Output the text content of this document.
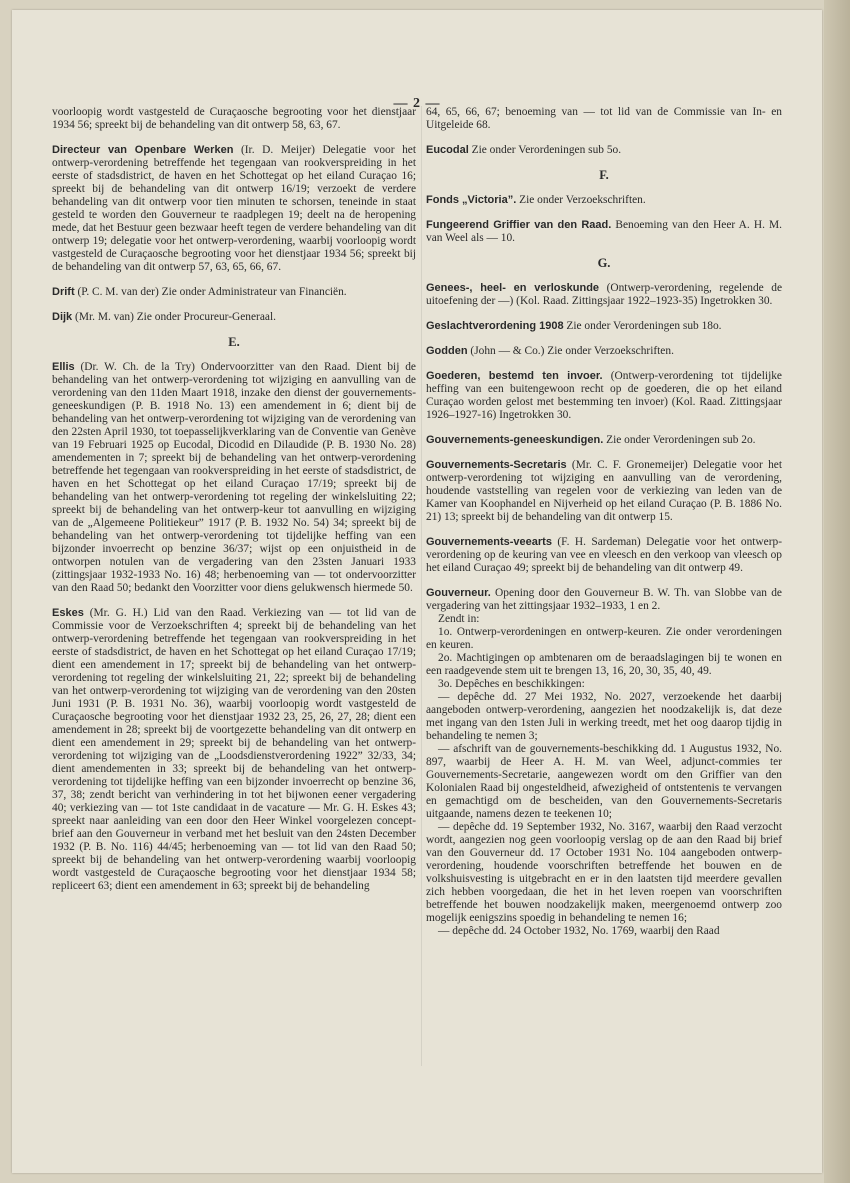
— 2 —

voorloopig wordt vastgesteld de Curaçaosche begrooting voor het dienstjaar 1934 56; spreekt bij de behandeling van dit ontwerp 58, 63, 67.

Directeur van Openbare Werken (Ir. D. Meijer) Delegatie voor het ontwerp-verordening betreffende het tegengaan van rookverspreiding in het eerste of stadsdistrict, de haven en het Schottegat op het eiland Curaçao 16; spreekt bij de behandeling van dit ontwerp 16/19; verzoekt de verdere behandeling van dit ontwerp voor tien minuten te schorsen, teneinde in staat gesteld te worden den Gouverneur te raadplegen 19; deelt na de heropening mede, dat het Bestuur geen bezwaar heeft tegen de verdere behandeling van dit ontwerp 19; delegatie voor het ontwerp-verordening, waarbij voorloopig wordt vastgesteld de Curaçaosche begrooting voor het dienstjaar 1934 56; spreekt bij de behandeling van dit ontwerp 57, 63, 65, 66, 67.

Drift (P. C. M. van der) Zie onder Administrateur van Financiën.

Dijk (Mr. M. van) Zie onder Procureur-Generaal.

E.

Ellis (Dr. W. Ch. de la Try) Ondervoorzitter van den Raad. Dient bij de behandeling van het ontwerp-verordening tot wijziging en aanvulling van de verordening van den 11den Maart 1918, inzake den dienst der gouvernements-geneeskundigen (P. B. 1918 No. 13) een amendement in 6; dient bij de behandeling van het ontwerp-verordening tot wijziging van de verordening van den 22sten April 1930, tot toepasselijkverklaring van de Conventie van Genève van 19 Februari 1925 op Eucodal, Dicodid en Dilaudide (P. B. 1930 No. 28) amendementen in 7; spreekt bij de behandeling van het ontwerp-verordening betreffende het tegengaan van rookverspreiding in het eerste of stadsdistrict, de haven en het Schottegat op het eiland Curaçao 17/19; spreekt bij de behandeling van het ontwerp-verordening tot regeling der winkelsluiting 22; spreekt bij de behandeling van het ontwerp-keur tot aanvulling en wijziging van de „Algemeene Politiekeur” 1917 (P. B. 1932 No. 54) 34; spreekt bij de behandeling van het ontwerp-verordening tot tijdelijke heffing van een bijzonder invoerrecht op benzine 36/37; wijst op een onjuistheid in de ontworpen notulen van de vergadering van den 23sten Januari 1933 (zittingsjaar 1932-1933 No. 16) 48; herbenoeming van — tot ondervoorzitter van den Raad 50; bedankt den Voorzitter voor diens gelukwensch hiermede 50.

Eskes (Mr. G. H.) Lid van den Raad. Verkiezing van — tot lid van de Commissie voor de Verzoekschriften 4; spreekt bij de behandeling van het ontwerp-verordening betreffende het tegengaan van rookverspreiding in het eerste of stadsdistrict, de haven en het Schottegat op het eiland Curaçao 17/19; dient een amendement in 17; spreekt bij de behandeling van het ontwerp-verordening tot regeling der winkelsluiting 21, 22; spreekt bij de behandeling van het ontwerp-verordening tot wijziging van de verordening van den 20sten Juni 1931 (P. B. 1931 No. 36), waarbij voorloopig wordt vastgesteld de Curaçaosche begrooting voor het dienstjaar 1932 23, 25, 26, 27, 28; dient een amendement in 28; spreekt bij de voortgezette behandeling van dit ontwerp en dient een amendement in 29; spreekt bij de behandeling van het ontwerp-verordening tot wijziging van de „Loodsdienstverordening 1922” 32/33, 34; dient amendementen in 33; spreekt bij de behandeling van het ontwerp-verordening tot tijdelijke heffing van een bijzonder invoerrecht op benzine 36, 37, 38; zendt bericht van verhindering in tot het bijwonen eener vergadering 40; verkiezing van — tot 1ste candidaat in de vacature — Mr. G. H. Eskes 43; spreekt naar aanleiding van een door den Heer Winkel voorgelezen concept-brief aan den Gouverneur in verband met het besluit van den 24sten December 1932 (P. B. No. 116) 44/45; herbenoeming van — tot lid van den Raad 50; spreekt bij de behandeling van het ontwerp-verordening waarbij voorloopig wordt vastgesteld de Curaçaosche begrooting voor het dienstjaar 1934 58; repliceert 63; dient een amendement in 63; spreekt bij de behandeling

64, 65, 66, 67; benoeming van — tot lid van de Commissie van In- en Uitgeleide 68.

Eucodal Zie onder Verordeningen sub 5o.

F.

Fonds „Victoria”. Zie onder Verzoekschriften.

Fungeerend Griffier van den Raad. Benoeming van den Heer A. H. M. van Weel als — 10.

G.

Genees-, heel- en verloskunde (Ontwerp-verordening, regelende de uitoefening der —) (Kol. Raad. Zittingsjaar 1922–1923-35) Ingetrokken 30.

Geslachtverordening 1908 Zie onder Verordeningen sub 18o.

Godden (John — & Co.) Zie onder Verzoekschriften.

Goederen, bestemd ten invoer. (Ontwerp-verordening tot tijdelijke heffing van een buitengewoon recht op de goederen, die op het eiland Curaçao worden gelost met bestemming ten invoer) (Kol. Raad. Zittingsjaar 1926–1927-16) Ingetrokken 30.

Gouvernements-geneeskundigen. Zie onder Verordeningen sub 2o.

Gouvernements-Secretaris (Mr. C. F. Gronemeijer) Delegatie voor het ontwerp-verordening tot wijziging en aanvulling van de verordening, houdende vaststelling van regelen voor de verkiezing van leden van de Kamer van Koophandel en Nijverheid op het eiland Curaçao (P. B. 1886 No. 21) 13; spreekt bij de behandeling van dit ontwerp 15.

Gouvernements-veearts (F. H. Sardeman) Delegatie voor het ontwerp-verordening op de keuring van vee en vleesch en den verkoop van vleesch op het eiland Curaçao 49; spreekt bij de behandeling van dit ontwerp 49.

Gouverneur. Opening door den Gouverneur B. W. Th. van Slobbe van de vergadering van het zittingsjaar 1932–1933, 1 en 2.

Zendt in:

1o. Ontwerp-verordeningen en ontwerp-keuren. Zie onder verordeningen en keuren.

2o. Machtigingen op ambtenaren om de beraadslagingen bij te wonen en een raadgevende stem uit te brengen 13, 16, 20, 30, 35, 40, 49.

3o. Depêches en beschikkingen:

— depêche dd. 27 Mei 1932, No. 2027, verzoekende het daarbij aangeboden ontwerp-verordening, aangezien het noodzakelijk is, dat deze met ingang van den 1sten Juli in werking treedt, met het oog daarop tijdig in behandeling te nemen 3;

— afschrift van de gouvernements-beschikking dd. 1 Augustus 1932, No. 897, waarbij de Heer A. H. M. van Weel, adjunct-commies ter Gouvernements-Secretarie, aangewezen wordt om den Griffier van den Kolonialen Raad bij ongesteldheid, afwezigheid of ontstentenis te vervangen en gemachtigd om de bescheiden, van den Gouvernements-Secretaris uitgaande, namens dezen te teekenen 10;

— depêche dd. 19 September 1932, No. 3167, waarbij den Raad verzocht wordt, aangezien nog geen voorloopig verslag op de aan den Raad bij brief van den Gouverneur dd. 17 October 1931 No. 104 aangeboden ontwerp-verordening, houdende voorschriften betreffende het bouwen en de volkshuisvesting is uitgebracht en er in den laatsten tijd meerdere gevallen zich hebben voorgedaan, die het in het leven roepen van voorschriften betreffende het bouwen noodzakelijk maken, meergenoemd ontwerp zoo mogelijk eenigszins spoedig in behandeling te nemen 16;

— depêche dd. 24 October 1932, No. 1769, waarbij den Raad
